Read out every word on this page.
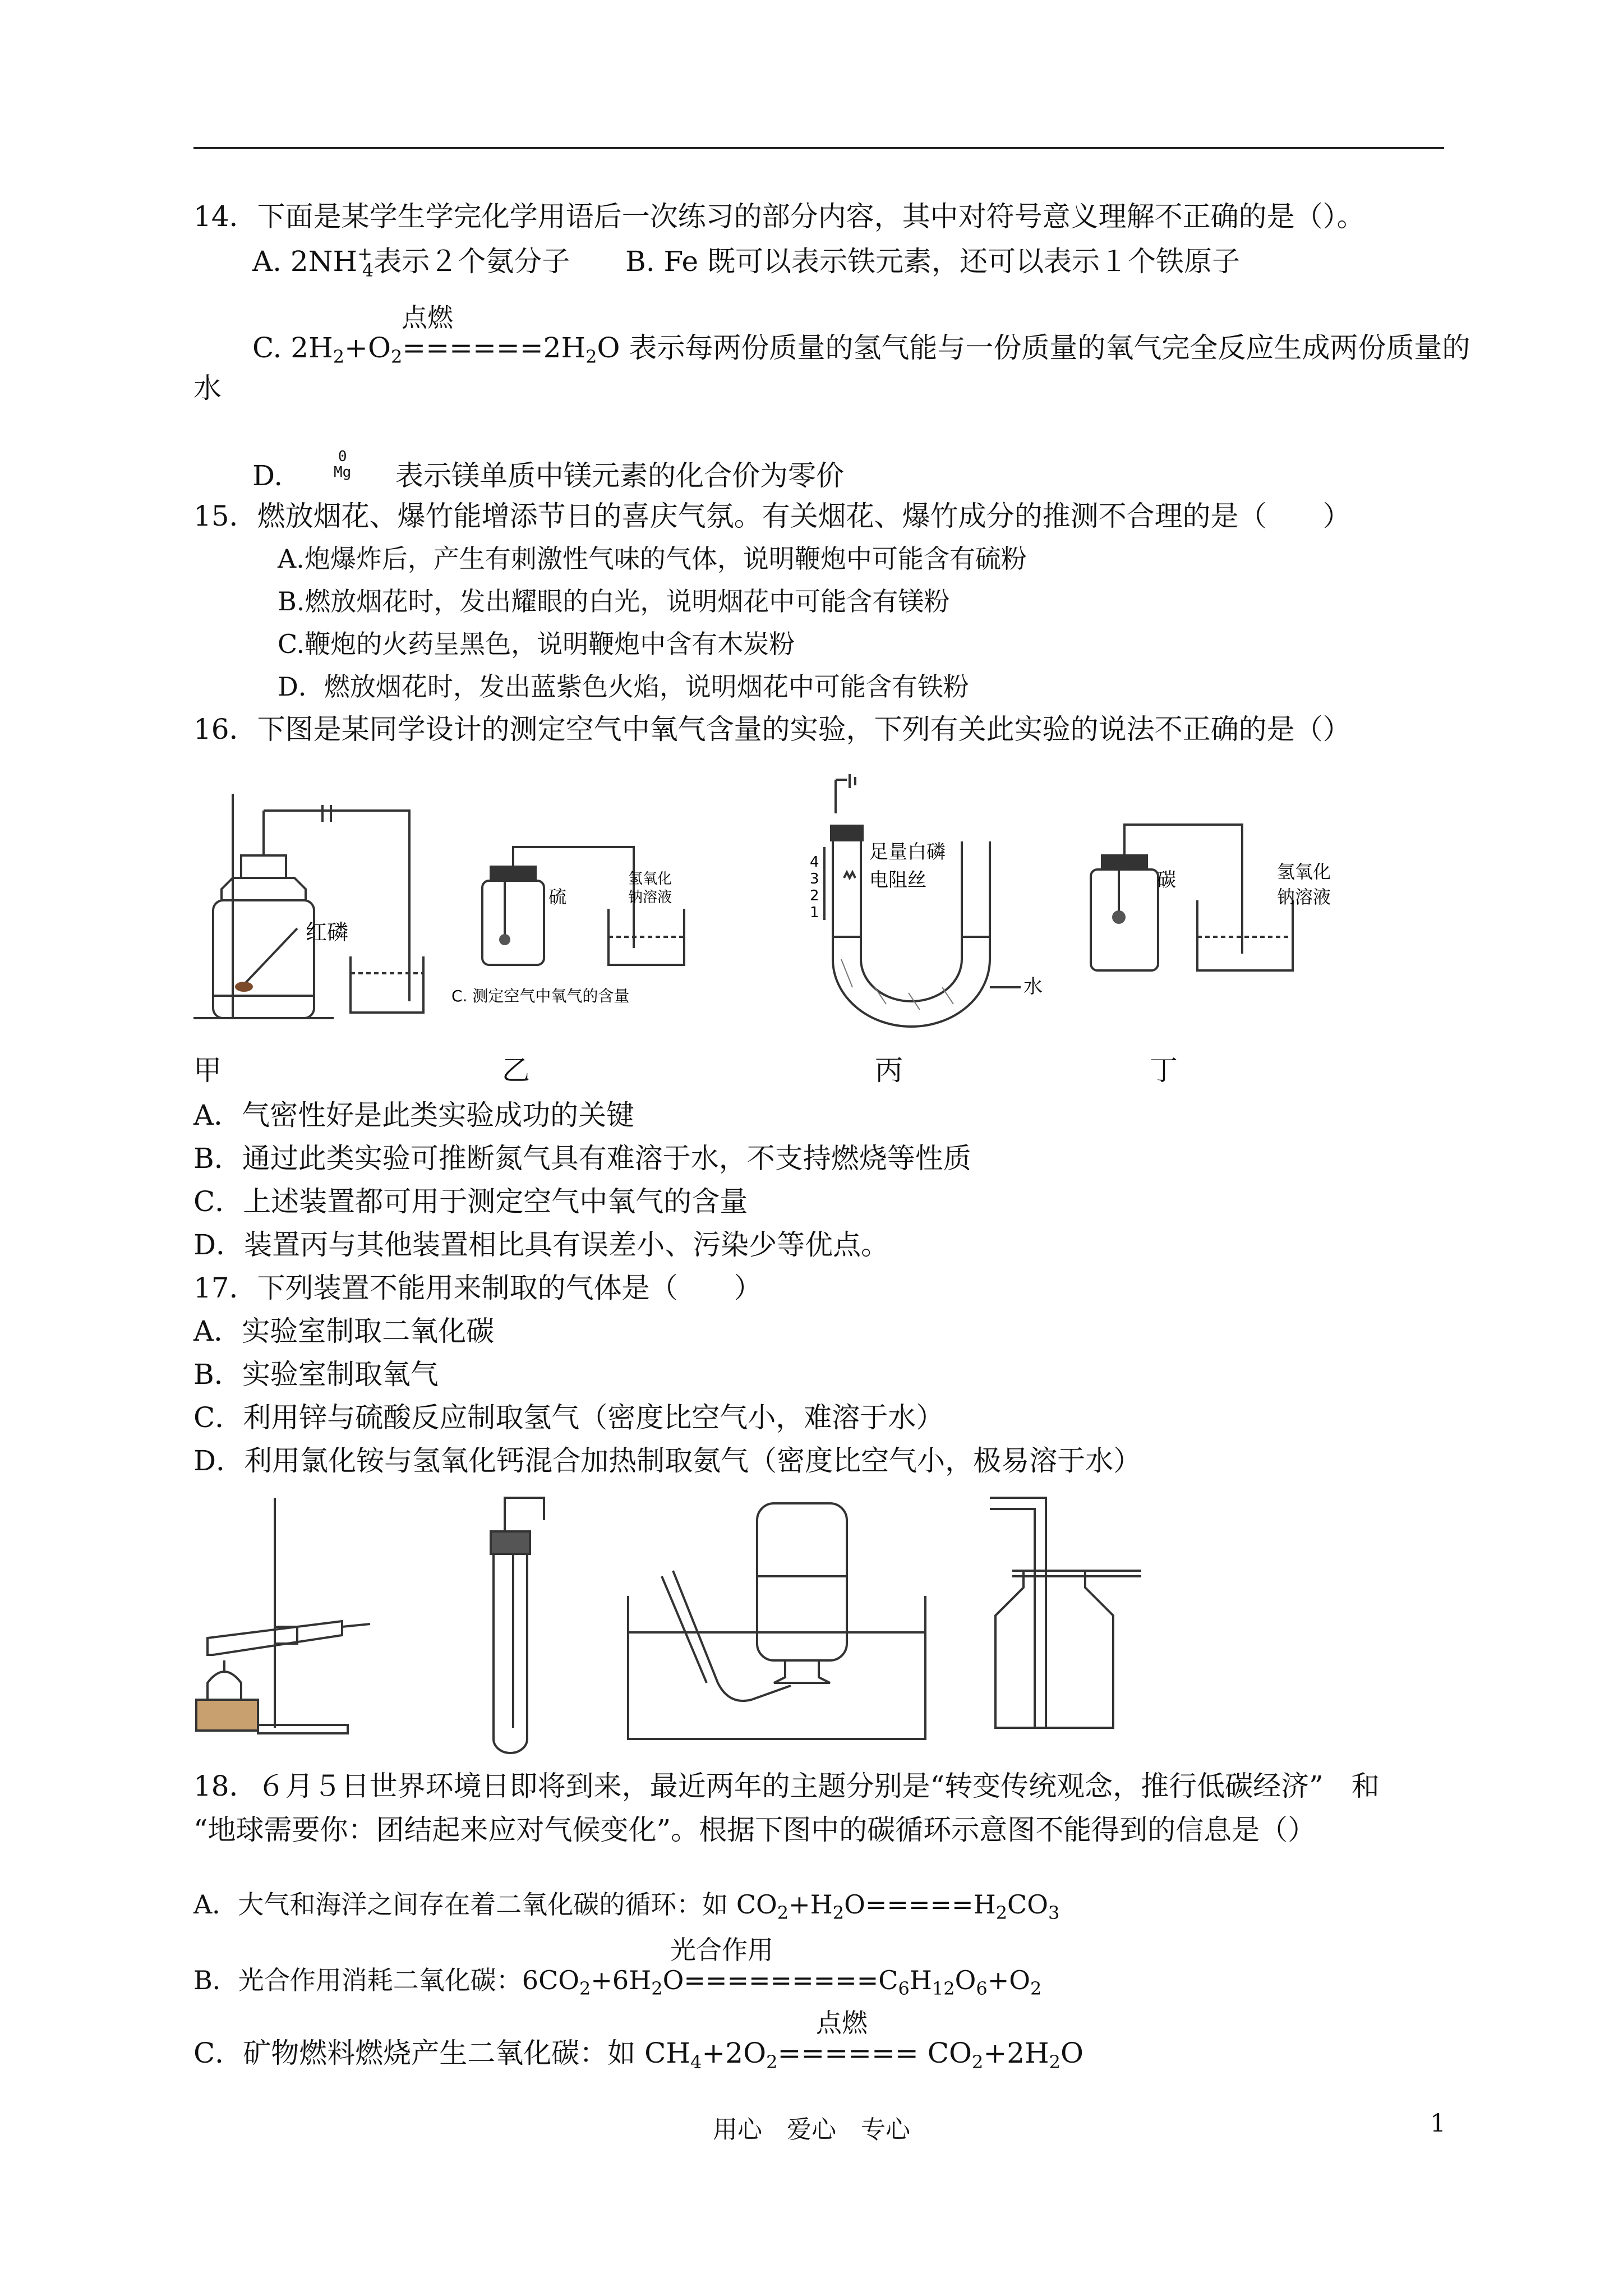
14．下面是某学生学完化学用语后一次练习的部分内容，其中对符号意义理解不正确的是（）。
A. $2NH^+_4$表示２个氨分子 B. Fe 既可以表示铁元素，还可以表示１个铁原子
点燃
C. $2H_2+O_2======2H_2O$ 表示每两份质量的氢气能与一份质量的氧气完全反应生成两份质量的
水
D.
0
Mg 表示镁单质中镁元素的化合价为零价
15．燃放烟花、爆竹能增添节日的喜庆气氛。有关烟花、爆竹成分的推测不合理的是（　　）
A.炮爆炸后，产生有刺激性气味的气体，说明鞭炮中可能含有硫粉
B.燃放烟花时，发出耀眼的白光，说明烟花中可能含有镁粉
C.鞭炮的火药呈黑色，说明鞭炮中含有木炭粉
D．燃放烟花时，发出蓝紫色火焰，说明烟花中可能含有铁粉
16．下图是某同学设计的测定空气中氧气含量的实验，下列有关此实验的说法不正确的是（）
红磷
硫
氢氧化
钠溶液
C. 测定空气中氧气的含量
足量白磷
电阻丝
水
4
3
2
1
碳	氢氧化
钠溶液
甲	乙	丙	丁
A．气密性好是此类实验成功的关键
B．通过此类实验可推断氮气具有难溶于水，不支持燃烧等性质
C．上述装置都可用于测定空气中氧气的含量
D．装置丙与其他装置相比具有误差小、污染少等优点。
17．下列装置不能用来制取的气体是（　　）
A．实验室制取二氧化碳
B．实验室制取氧气
C．利用锌与硫酸反应制取氢气（密度比空气小，难溶于水）
D．利用氯化铵与氢氧化钙混合加热制取氨气（密度比空气小，极易溶于水）
18．６月５日世界环境日即将到来，最近两年的主题分别是“转变传统观念，推行低碳经济”　和
“地球需要你：团结起来应对气候变化”。根据下图中的碳循环示意图不能得到的信息是（）
A．大气和海洋之间存在着二氧化碳的循环：如 $CO_2+H_2O=====H_2CO_3$
光合作用
B．光合作用消耗二氧化碳：$6CO_2+6H_2O=========C_6H_{12}O_6+O_2$
点燃
C．矿物燃料燃烧产生二氧化碳：如 $CH_4+2O_2====== CO_2+2H_2O$
用心　爱心　专心	1
